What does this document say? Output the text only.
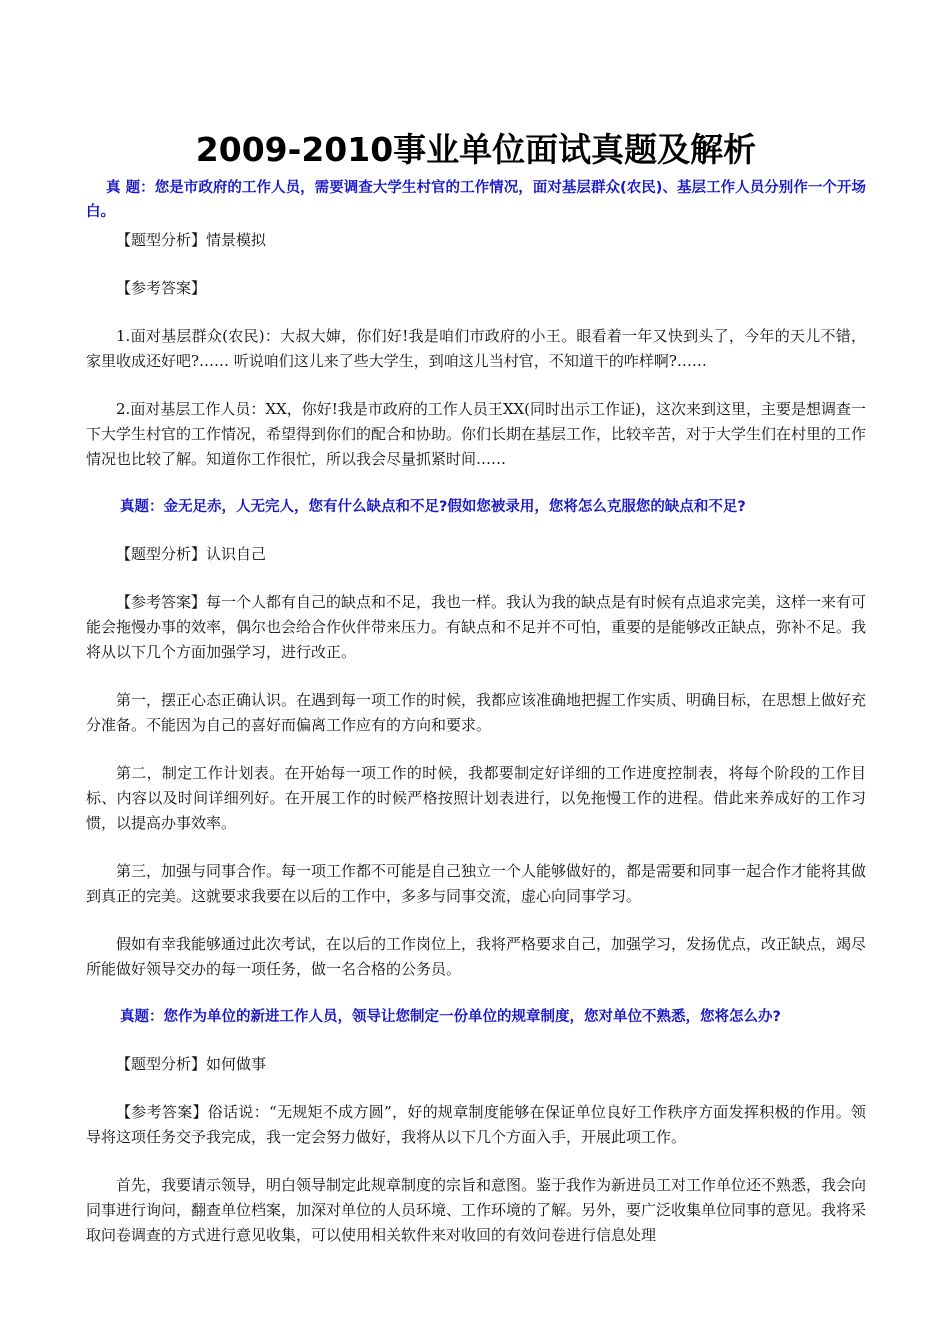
2009-2010事业单位面试真题及解析

真 题：您是市政府的工作人员，需要调查大学生村官的工作情况，面对基层群众(农民)、基层工作人员分别作一个开场白。

【题型分析】情景模拟

【参考答案】

1.面对基层群众(农民)：大叔大婶，你们好!我是咱们市政府的小王。眼看着一年又快到头了，今年的天儿不错，家里收成还好吧?…… 听说咱们这儿来了些大学生，到咱这儿当村官，不知道干的咋样啊?……

2.面对基层工作人员：XX，你好!我是市政府的工作人员王XX(同时出示工作证)，这次来到这里，主要是想调查一下大学生村官的工作情况，希望得到你们的配合和协助。你们长期在基层工作，比较辛苦，对于大学生们在村里的工作情况也比较了解。知道你工作很忙，所以我会尽量抓紧时间……

真题：金无足赤，人无完人，您有什么缺点和不足?假如您被录用，您将怎么克服您的缺点和不足?

【题型分析】认识自己

【参考答案】每一个人都有自己的缺点和不足，我也一样。我认为我的缺点是有时候有点追求完美，这样一来有可能会拖慢办事的效率，偶尔也会给合作伙伴带来压力。有缺点和不足并不可怕，重要的是能够改正缺点，弥补不足。我将从以下几个方面加强学习，进行改正。

第一，摆正心态正确认识。在遇到每一项工作的时候，我都应该准确地把握工作实质、明确目标，在思想上做好充分准备。不能因为自己的喜好而偏离工作应有的方向和要求。

第二，制定工作计划表。在开始每一项工作的时候，我都要制定好详细的工作进度控制表，将每个阶段的工作目标、内容以及时间详细列好。在开展工作的时候严格按照计划表进行，以免拖慢工作的进程。借此来养成好的工作习惯，以提高办事效率。

第三，加强与同事合作。每一项工作都不可能是自己独立一个人能够做好的，都是需要和同事一起合作才能将其做到真正的完美。这就要求我要在以后的工作中，多多与同事交流，虚心向同事学习。

假如有幸我能够通过此次考试，在以后的工作岗位上，我将严格要求自己，加强学习，发扬优点，改正缺点，竭尽所能做好领导交办的每一项任务，做一名合格的公务员。

真题：您作为单位的新进工作人员，领导让您制定一份单位的规章制度，您对单位不熟悉，您将怎么办?

【题型分析】如何做事

【参考答案】俗话说：“无规矩不成方圆”，好的规章制度能够在保证单位良好工作秩序方面发挥积极的作用。领导将这项任务交予我完成，我一定会努力做好，我将从以下几个方面入手，开展此项工作。

首先，我要请示领导，明白领导制定此规章制度的宗旨和意图。鉴于我作为新进员工对工作单位还不熟悉，我会向同事进行询问，翻查单位档案，加深对单位的人员环境、工作环境的了解。另外，要广泛收集单位同事的意见。我将采取问卷调查的方式进行意见收集，可以使用相关软件来对收回的有效问卷进行信息处理
